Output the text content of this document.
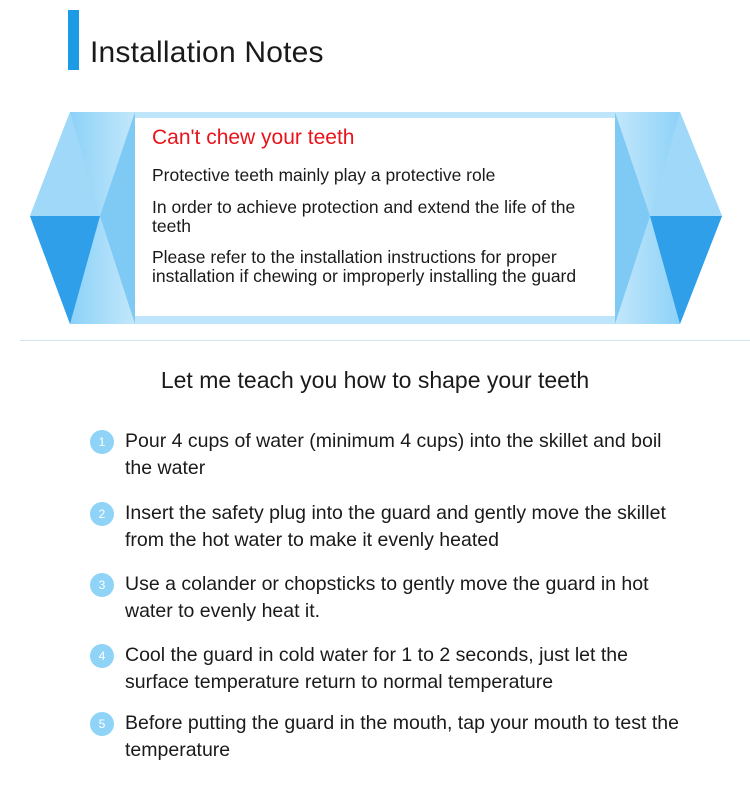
Installation Notes
Can't chew your teeth

Protective teeth mainly play a protective role

In order to achieve protection and extend the life of the teeth

Please refer to the installation instructions for proper installation if chewing or improperly installing the guard

Let me teach you how to shape your teeth
1	Pour 4 cups of water (minimum 4 cups) into the skillet and boil the water

2	Insert the safety plug into the guard and gently move the skillet from the hot water to make it evenly heated

3	Use a colander or chopsticks to gently move the guard in hot water to evenly heat it.

4	Cool the guard in cold water for 1 to 2 seconds, just let the surface temperature return to normal temperature

5	Before putting the guard in the mouth, tap your mouth to test the temperature
